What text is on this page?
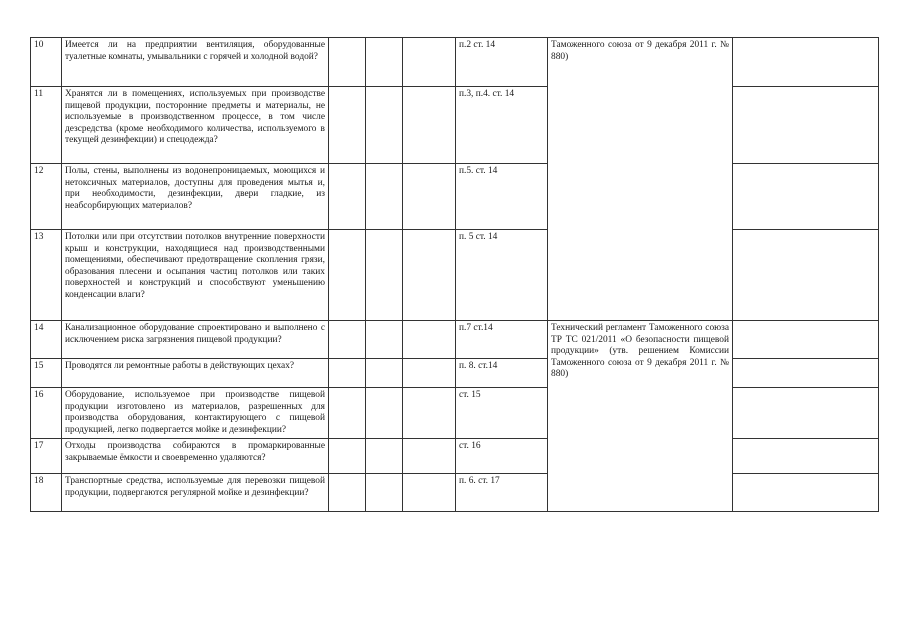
10	Имеется ли на предприятии вентиляция, оборудованные туалетные комнаты, умывальники с горячей и холодной водой?				п.2 ст. 14	Таможенного союза от 9 декабря 2011 г. № 880)	
11	Хранятся ли в помещениях, используемых при производстве пищевой продукции, посторонние предметы и материалы, не используемые в производственном процессе, в том числе дезсредства (кроме необходимого количества, используемого в текущей дезинфекции) и спецодежда?				п.3, п.4. ст. 14		
12	Полы, стены, выполнены из водонепроницаемых, моющихся и нетоксичных материалов, доступны для проведения мытья и, при необходимости, дезинфекции, двери гладкие, из неабсорбирующих материалов?				п.5. ст. 14		
13	Потолки или при отсутствии потолков внутренние поверхности крыш и конструкции, находящиеся над производственными помещениями, обеспечивают предотвращение скопления грязи, образования плесени и осыпания частиц потолков или таких поверхностей и конструкций и способствуют уменьшению конденсации влаги?				п. 5 ст. 14		
14	Канализационное оборудование спроектировано и выполнено с исключением риска загрязнения пищевой продукции?				п.7 ст.14	Технический регламент Таможенного союза ТР ТС 021/2011 «О безопасности пищевой продукции» (утв. решением Комиссии Таможенного союза от 9 декабря 2011 г. № 880)	
15	Проводятся ли ремонтные работы в действующих цехах?				п. 8. ст.14		
16	Оборудование, используемое при производстве пищевой продукции изготовлено из материалов, разрешенных для производства оборудования, контактирующего с пищевой продукцией, легко подвергается мойке и дезинфекции?				ст. 15		
17	Отходы производства собираются в промаркированные закрываемые ёмкости и своевременно удаляются?				ст. 16		
18	Транспортные средства, используемые для перевозки пищевой продукции, подвергаются регулярной мойке и дезинфекции?				п. 6. ст. 17		
